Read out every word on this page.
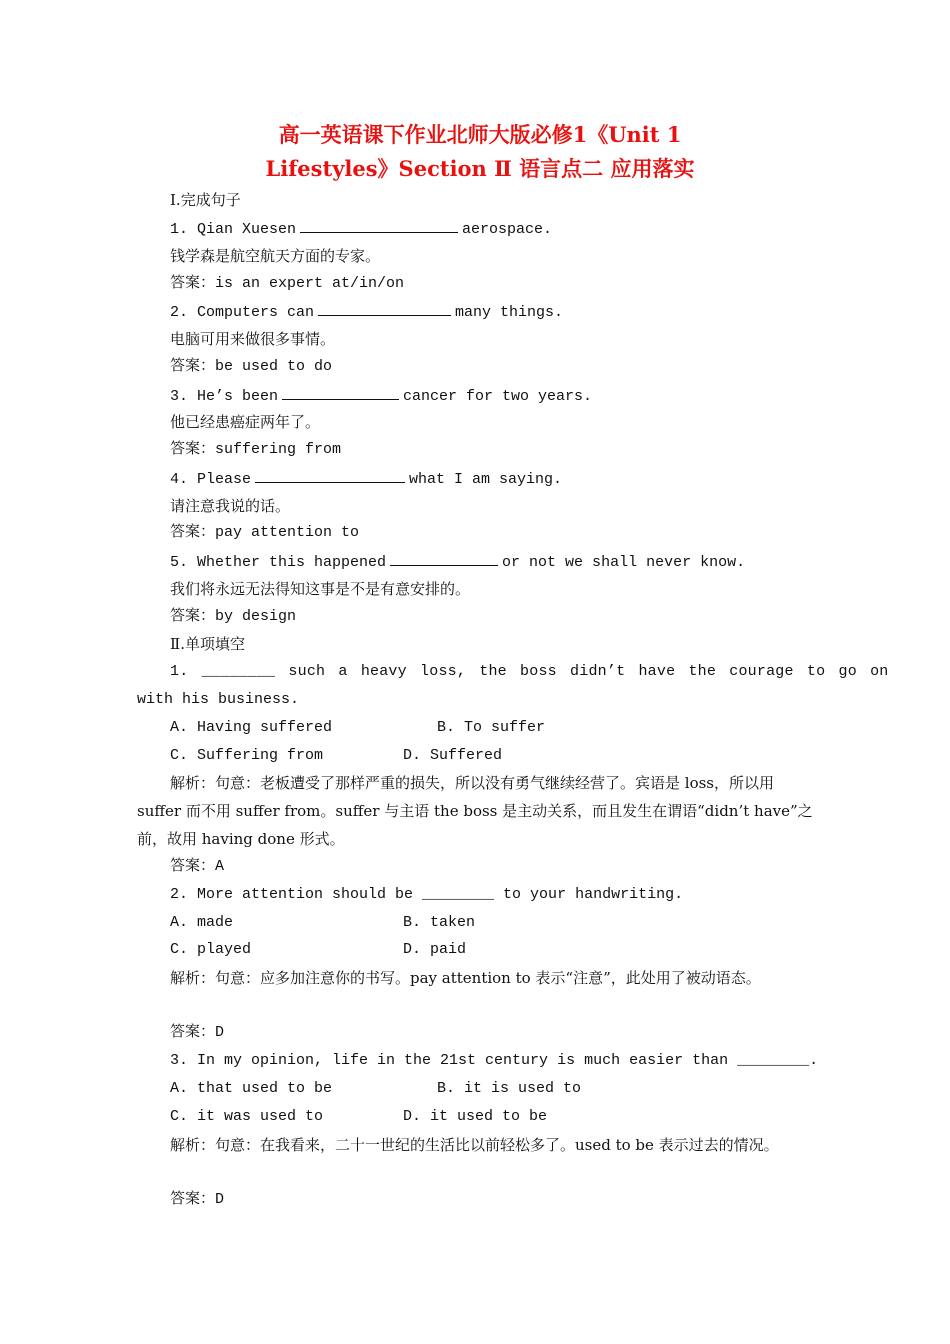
高一英语课下作业北师大版必修1《Unit 1
Lifestyles》Section Ⅱ 语言点二 应用落实
Ⅰ.完成句子
1. Qian Xuesen	aerospace.
钱学森是航空航天方面的专家。
答案：is an expert at/in/on
2. Computers can	many things.
电脑可用来做很多事情。
答案：be used to do
3. He’s been	cancer for two years.
他已经患癌症两年了。
答案：suffering from
4. Please	what I am saying.
请注意我说的话。
答案：pay attention to
5. Whether this happened	or not we shall never know.
我们将永远无法得知这事是不是有意安排的。
答案：by design
Ⅱ.单项填空
1. ________ such a heavy loss, the boss didn’t have the courage to go on
with his business.
A. Having suffered	B. To suffer
C. Suffering from	D. Suffered
解析：句意：老板遭受了那样严重的损失，所以没有勇气继续经营了。宾语是 loss，所以用 suffer 而不用 suffer from。suffer 与主语 the boss 是主动关系，而且发生在谓语“didn’t have”之前，故用 having done 形式。
答案：A
2. More attention should be ________ to your handwriting.
A. made	B. taken
C. played	D. paid
解析：句意：应多加注意你的书写。pay attention to 表示“注意”，此处用了被动语态。
答案：D
3. In my opinion, life in the 21st century is much easier than ________.
A. that used to be	B. it is used to
C. it was used to	D. it used to be
解析：句意：在我看来，二十一世纪的生活比以前轻松多了。used to be 表示过去的情况。
答案：D
